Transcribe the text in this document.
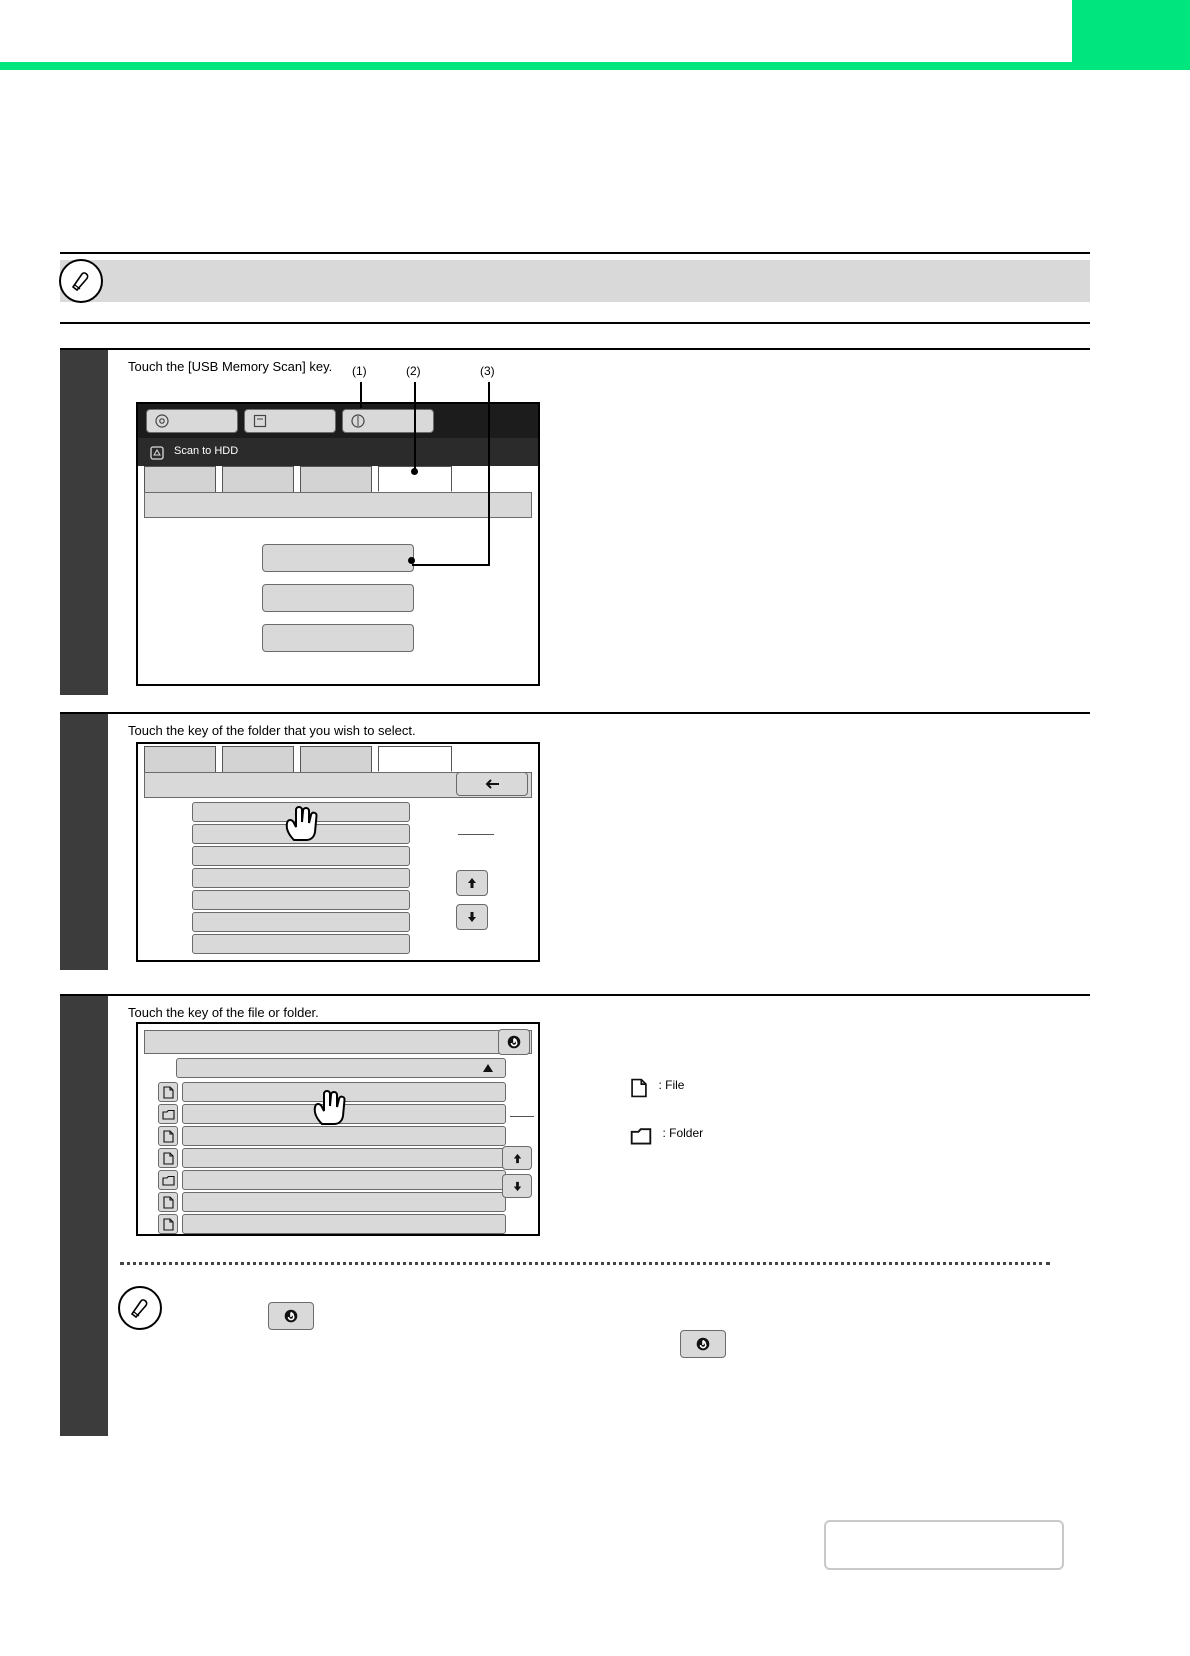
Touch the [USB Memory Scan] key.
Scan to HDD
(1)	(2)	(3)
Touch the key of the folder that you wish to select.
Touch the key of the file or folder.
$^{: File}$
$^{: Folder}$
